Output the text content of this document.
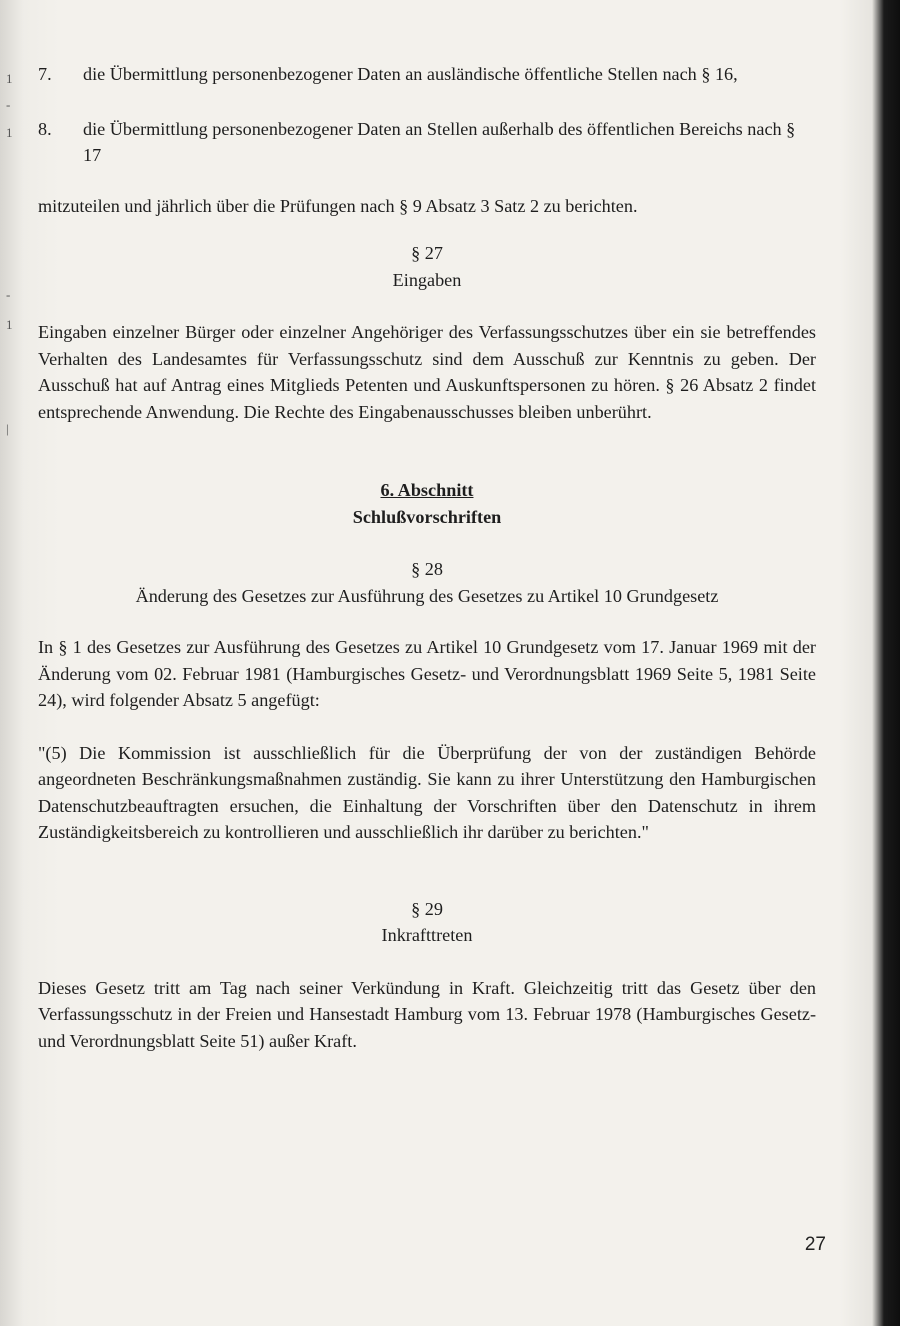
1
-
1
-
1
|
7.	die Übermittlung personenbezogener Daten an ausländische öffentliche Stellen nach § 16,
8.	die Übermittlung personenbezogener Daten an Stellen außerhalb des öffentlichen Bereichs nach § 17

mitzuteilen und jährlich über die Prüfungen nach § 9 Absatz 3 Satz 2 zu berichten.

§ 27
Eingaben

Eingaben einzelner Bürger oder einzelner Angehöriger des Verfassungsschutzes über ein sie betreffendes Verhalten des Landesamtes für Verfassungsschutz sind dem Ausschuß zur Kenntnis zu geben. Der Ausschuß hat auf Antrag eines Mitglieds Petenten und Auskunftspersonen zu hören. § 26 Absatz 2 findet entsprechende Anwendung. Die Rechte des Eingabenausschusses bleiben unberührt.

6. Abschnitt
Schlußvorschriften
§ 28
Änderung des Gesetzes zur Ausführung des Gesetzes zu Artikel 10 Grundgesetz

In § 1 des Gesetzes zur Ausführung des Gesetzes zu Artikel 10 Grundgesetz vom 17. Januar 1969 mit der Änderung vom 02. Februar 1981 (Hamburgisches Gesetz- und Verordnungsblatt 1969 Seite 5, 1981 Seite 24), wird folgender Absatz 5 angefügt:

"(5) Die Kommission ist ausschließlich für die Überprüfung der von der zuständigen Behörde angeordneten Beschränkungsmaßnahmen zuständig. Sie kann zu ihrer Unterstützung den Hamburgischen Datenschutzbeauftragten ersuchen, die Einhaltung der Vorschriften über den Datenschutz in ihrem Zuständigkeitsbereich zu kontrollieren und ausschließlich ihr darüber zu berichten."

§ 29
Inkrafttreten

Dieses Gesetz tritt am Tag nach seiner Verkündung in Kraft. Gleichzeitig tritt das Gesetz über den Verfassungsschutz in der Freien und Hansestadt Hamburg vom 13. Februar 1978 (Hamburgisches Gesetz- und Verordnungsblatt Seite 51) außer Kraft.

27
